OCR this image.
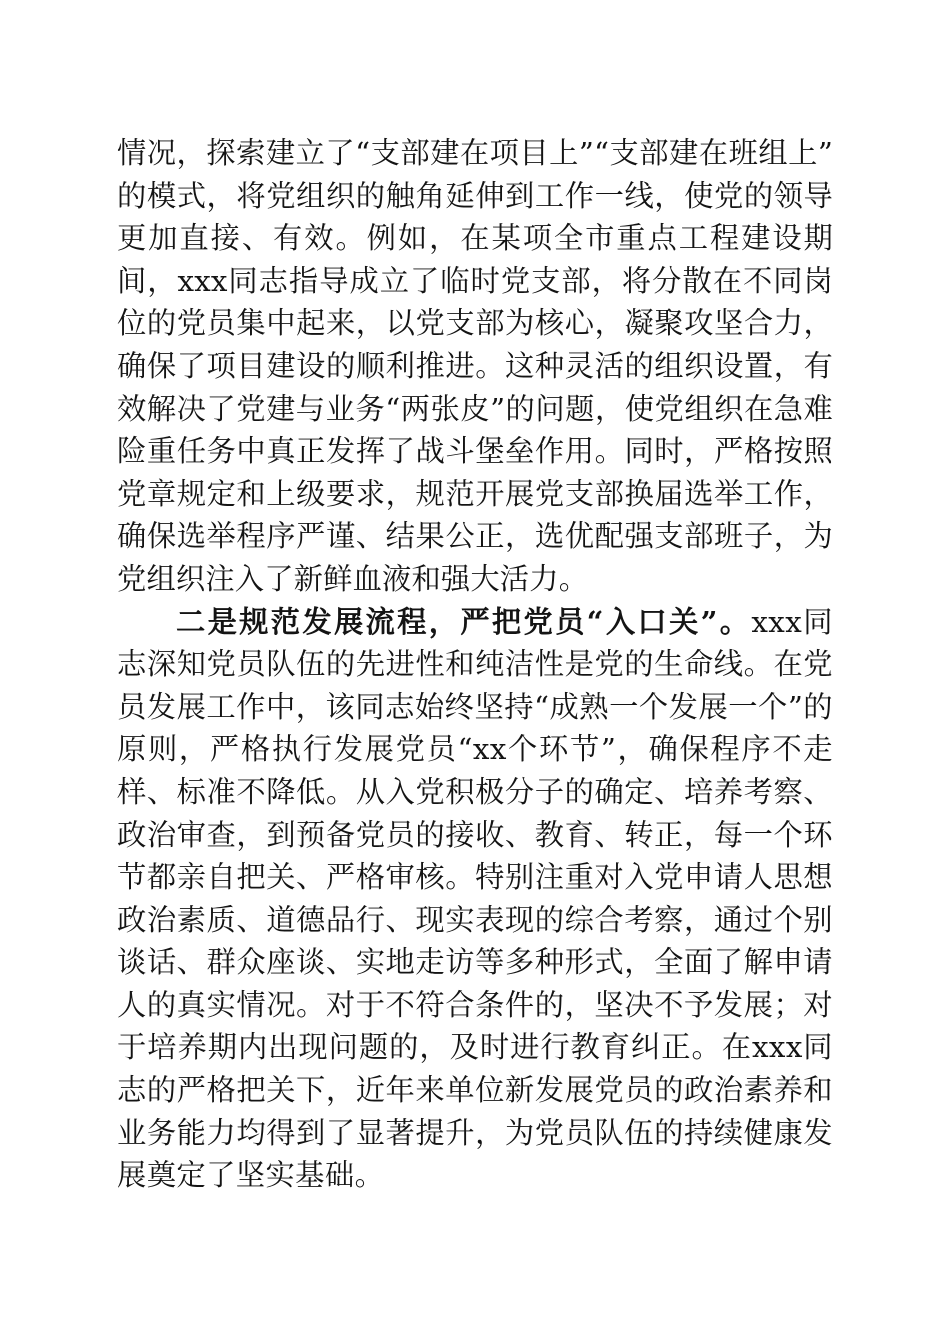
情况，探索建立了“支部建在项目上”“支部建在班组上”的模式，将党组织的触角延伸到工作一线，使党的领导更加直接、有效。例如，在某项全市重点工程建设期间，xxx同志指导成立了临时党支部，将分散在不同岗位的党员集中起来，以党支部为核心，凝聚攻坚合力，确保了项目建设的顺利推进。这种灵活的组织设置，有效解决了党建与业务“两张皮”的问题，使党组织在急难险重任务中真正发挥了战斗堡垒作用。同时，严格按照党章规定和上级要求，规范开展党支部换届选举工作，确保选举程序严谨、结果公正，选优配强支部班子，为党组织注入了新鲜血液和强大活力。

二是规范发展流程，严把党员“入口关”。xxx同志深知党员队伍的先进性和纯洁性是党的生命线。在党员发展工作中，该同志始终坚持“成熟一个发展一个”的原则，严格执行发展党员“xx个环节”，确保程序不走样、标准不降低。从入党积极分子的确定、培养考察、政治审查，到预备党员的接收、教育、转正，每一个环节都亲自把关、严格审核。特别注重对入党申请人思想政治素质、道德品行、现实表现的综合考察，通过个别谈话、群众座谈、实地走访等多种形式，全面了解申请人的真实情况。对于不符合条件的，坚决不予发展；对于培养期内出现问题的，及时进行教育纠正。在xxx同志的严格把关下，近年来单位新发展党员的政治素养和业务能力均得到了显著提升，为党员队伍的持续健康发展奠定了坚实基础。
